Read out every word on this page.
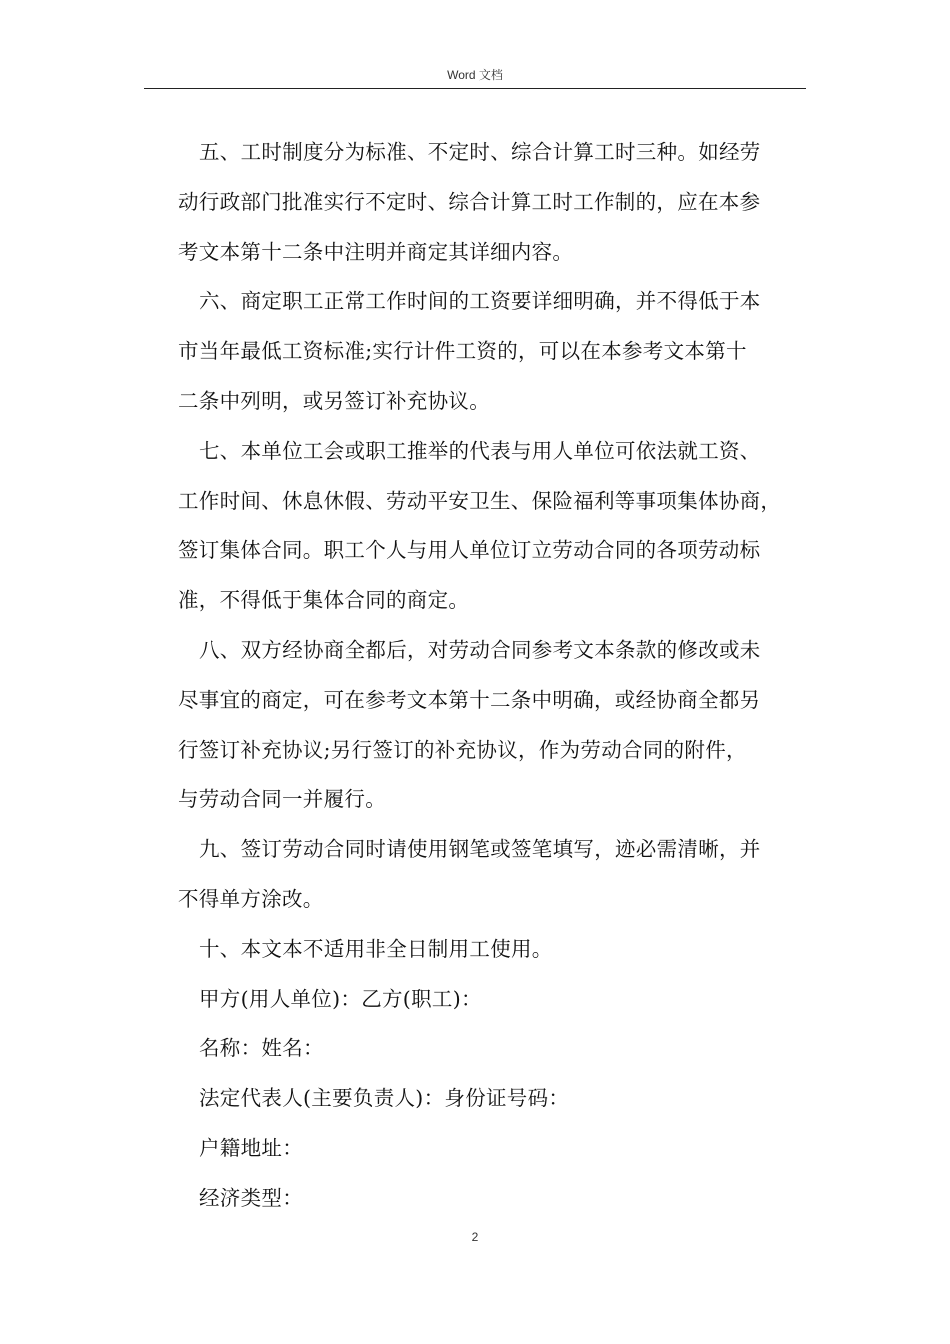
Word 文档
五、工时制度分为标准、不定时、综合计算工时三种。如经劳
动行政部门批准实行不定时、综合计算工时工作制的，应在本参
考文本第十二条中注明并商定其详细内容。
六、商定职工正常工作时间的工资要详细明确，并不得低于本
市当年最低工资标准;实行计件工资的，可以在本参考文本第十
二条中列明，或另签订补充协议。
七、本单位工会或职工推举的代表与用人单位可依法就工资、
工作时间、休息休假、劳动平安卫生、保险福利等事项集体协商，
签订集体合同。职工个人与用人单位订立劳动合同的各项劳动标
准，不得低于集体合同的商定。
八、双方经协商全都后，对劳动合同参考文本条款的修改或未
尽事宜的商定，可在参考文本第十二条中明确，或经协商全都另
行签订补充协议;另行签订的补充协议，作为劳动合同的附件，
与劳动合同一并履行。
九、签订劳动合同时请使用钢笔或签笔填写，迹必需清晰，并
不得单方涂改。
十、本文本不适用非全日制用工使用。
甲方(用人单位)：乙方(职工)：
名称：姓名：
法定代表人(主要负责人)：身份证号码：
户籍地址：
经济类型：
2
